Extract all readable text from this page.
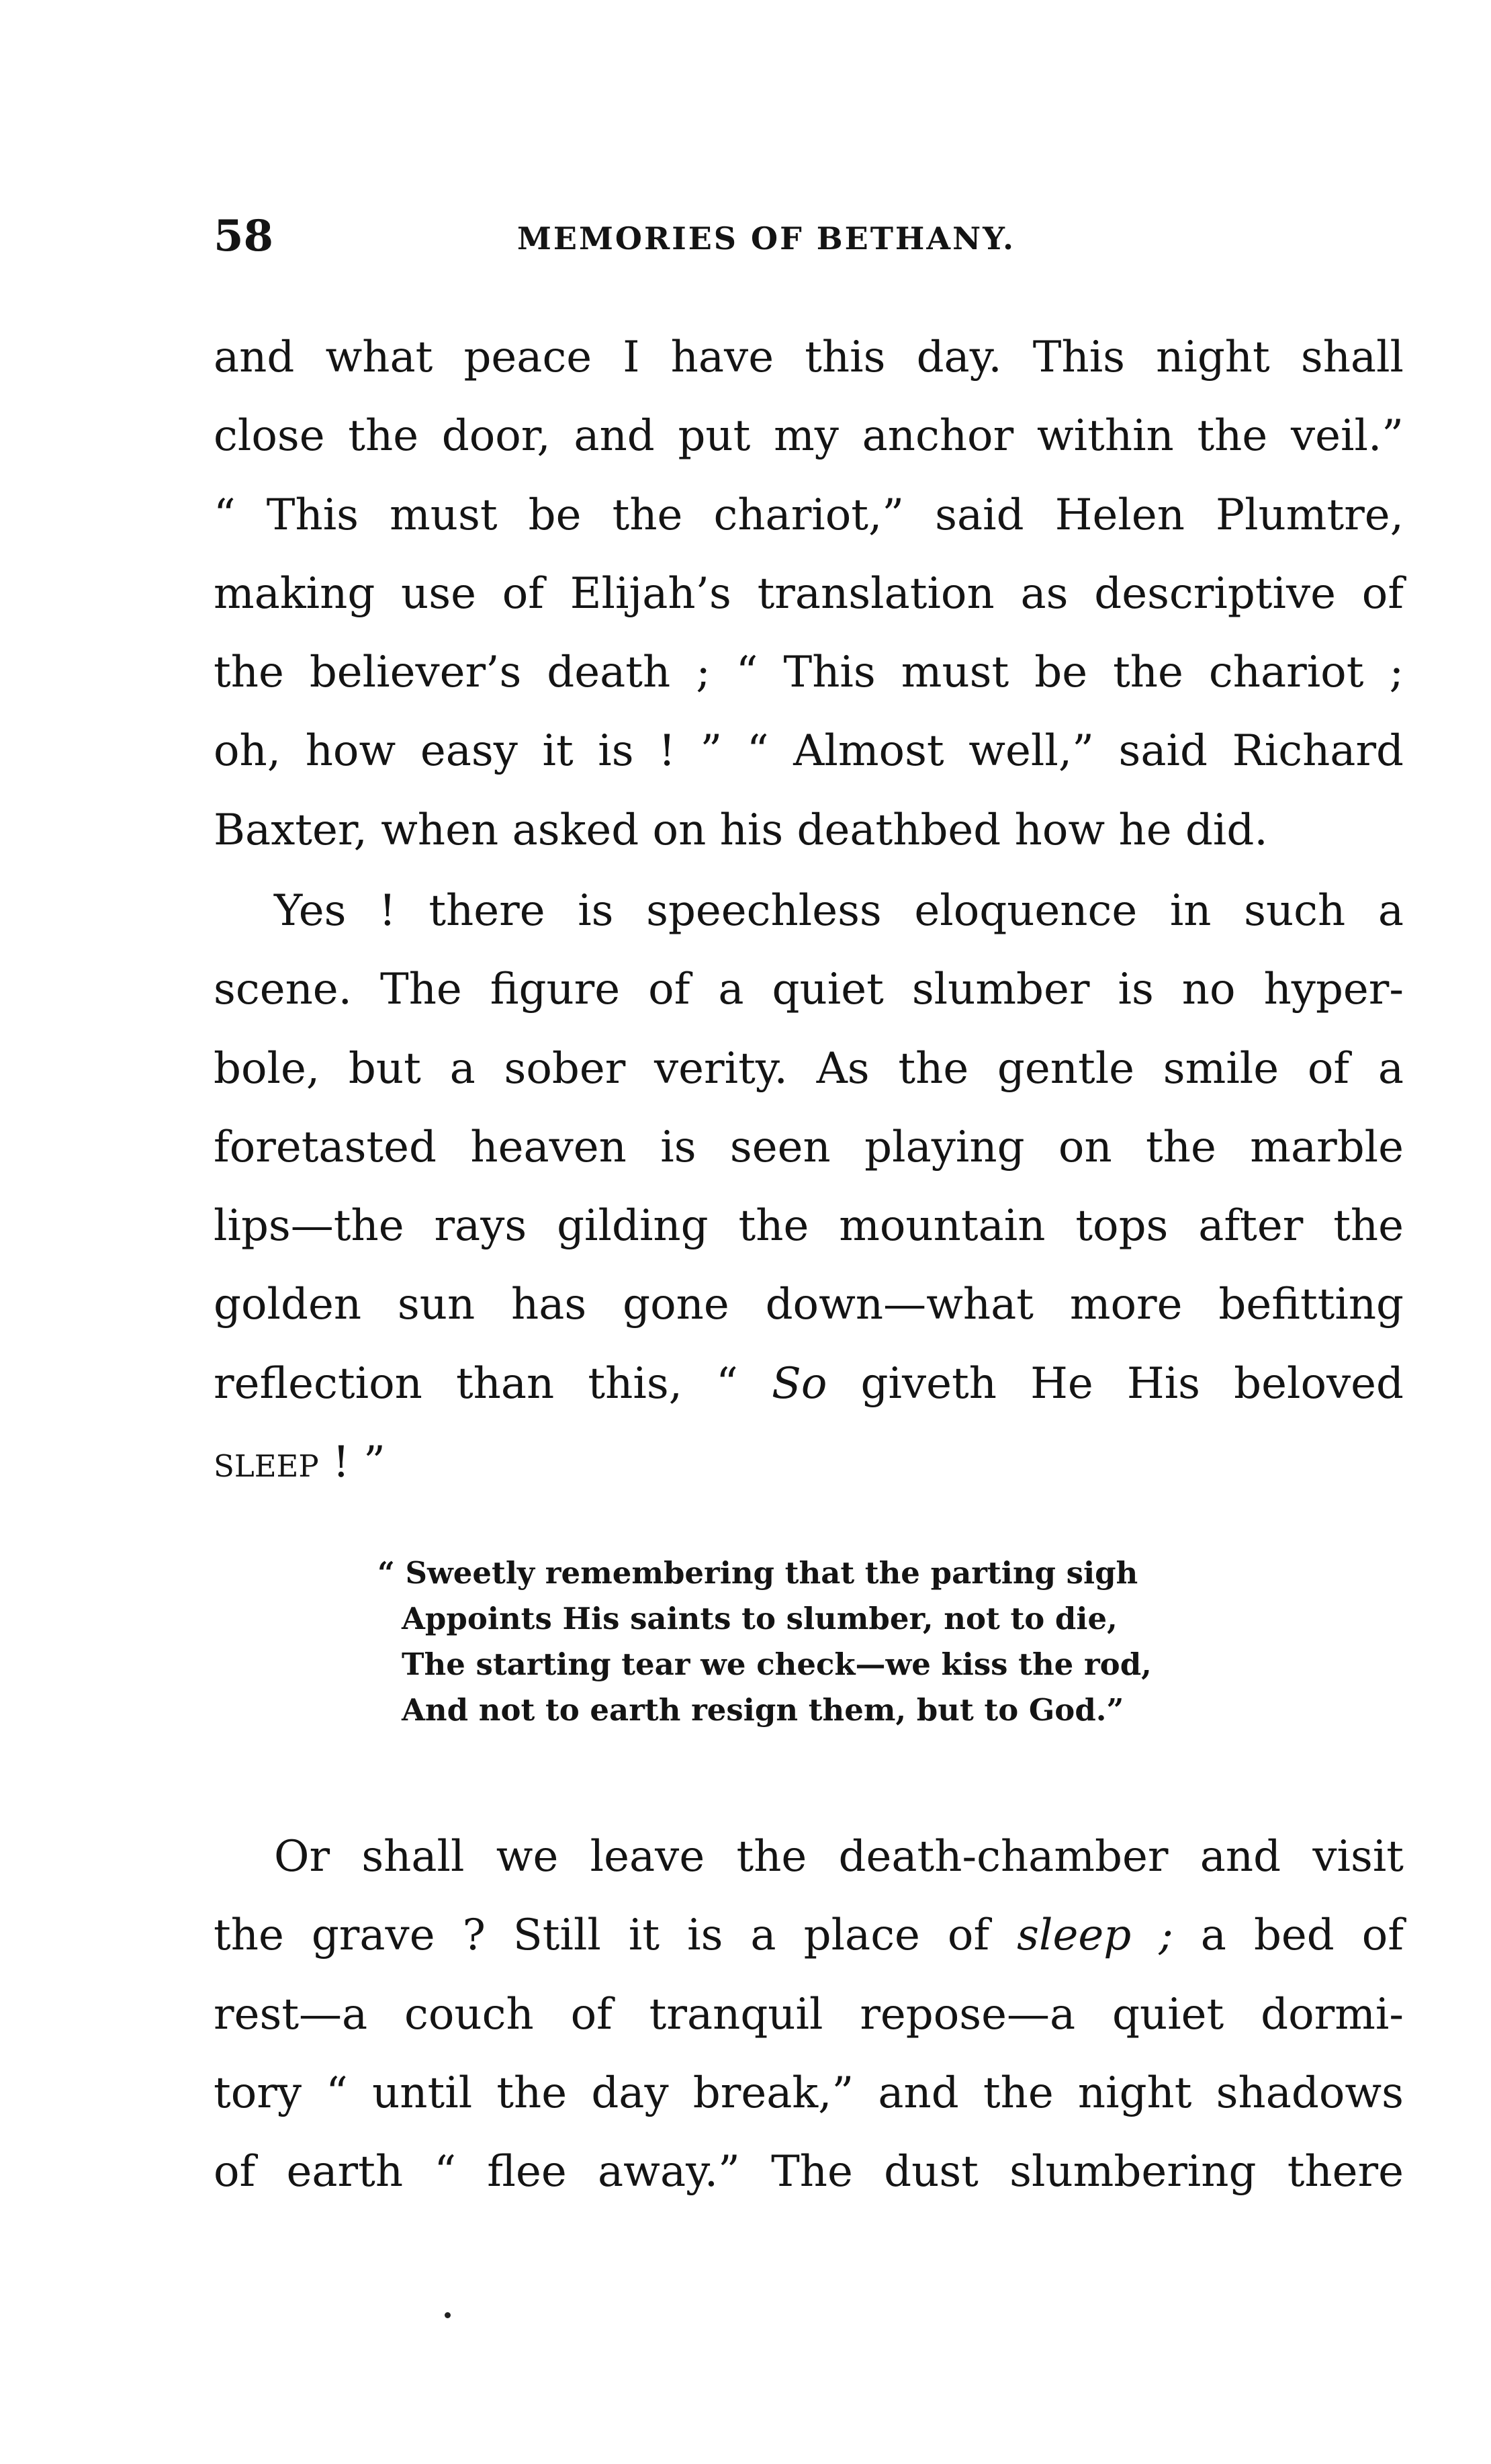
58	MEMORIES OF BETHANY.
and what peace I have this day. This night shall
close the door, and put my anchor within the veil.”
“ This must be the chariot,” said Helen Plumtre,
making use of Elijah’s translation as descriptive of
the believer’s death ; “ This must be the chariot ;
oh, how easy it is ! ” “ Almost well,” said Richard
Baxter, when asked on his deathbed how he did.
Yes ! there is speechless eloquence in such a
scene. The figure of a quiet slumber is no hyper-
bole, but a sober verity. As the gentle smile of a
foretasted heaven is seen playing on the marble
lips—the rays gilding the mountain tops after the
golden sun has gone down—what more befitting
reflection than this, “ So giveth He His beloved
sleep ! ”
“ Sweetly remembering that the parting sigh
Appoints His saints to slumber, not to die,
The starting tear we check—we kiss the rod,
And not to earth resign them, but to God.”
Or shall we leave the death-chamber and visit
the grave ? Still it is a place of sleep ; a bed of
rest—a couch of tranquil repose—a quiet dormi-
tory “ until the day break,” and the night shadows
of earth “ flee away.” The dust slumbering there
